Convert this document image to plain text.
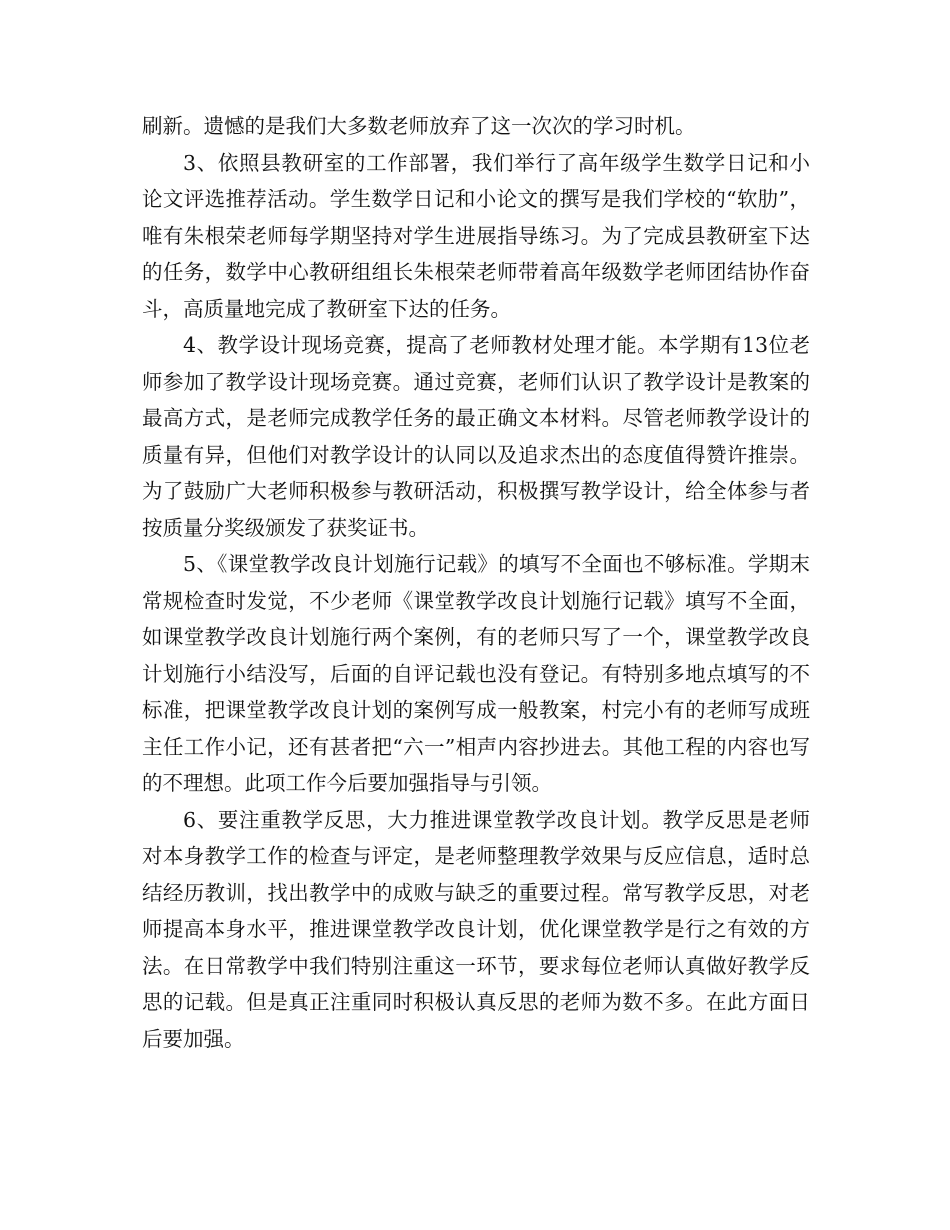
刷新。遗憾的是我们大多数老师放弃了这一次次的学习时机。

3、依照县教研室的工作部署，我们举行了高年级学生数学日记和小论文评选推荐活动。学生数学日记和小论文的撰写是我们学校的“软肋”，唯有朱根荣老师每学期坚持对学生进展指导练习。为了完成县教研室下达的任务，数学中心教研组组长朱根荣老师带着高年级数学老师团结协作奋斗，高质量地完成了教研室下达的任务。

4、教学设计现场竞赛，提高了老师教材处理才能。本学期有13位老师参加了教学设计现场竞赛。通过竞赛，老师们认识了教学设计是教案的最高方式，是老师完成教学任务的最正确文本材料。尽管老师教学设计的质量有异，但他们对教学设计的认同以及追求杰出的态度值得赞许推崇。为了鼓励广大老师积极参与教研活动，积极撰写教学设计，给全体参与者按质量分奖级颁发了获奖证书。

5、《课堂教学改良计划施行记载》的填写不全面也不够标准。学期末常规检查时发觉，不少老师《课堂教学改良计划施行记载》填写不全面，如课堂教学改良计划施行两个案例，有的老师只写了一个，课堂教学改良计划施行小结没写，后面的自评记载也没有登记。有特别多地点填写的不标准，把课堂教学改良计划的案例写成一般教案，村完小有的老师写成班主任工作小记，还有甚者把“六一”相声内容抄进去。其他工程的内容也写的不理想。此项工作今后要加强指导与引领。

6、要注重教学反思，大力推进课堂教学改良计划。教学反思是老师对本身教学工作的检查与评定，是老师整理教学效果与反应信息，适时总结经历教训，找出教学中的成败与缺乏的重要过程。常写教学反思，对老师提高本身水平，推进课堂教学改良计划，优化课堂教学是行之有效的方法。在日常教学中我们特别注重这一环节，要求每位老师认真做好教学反思的记载。但是真正注重同时积极认真反思的老师为数不多。在此方面日后要加强。
